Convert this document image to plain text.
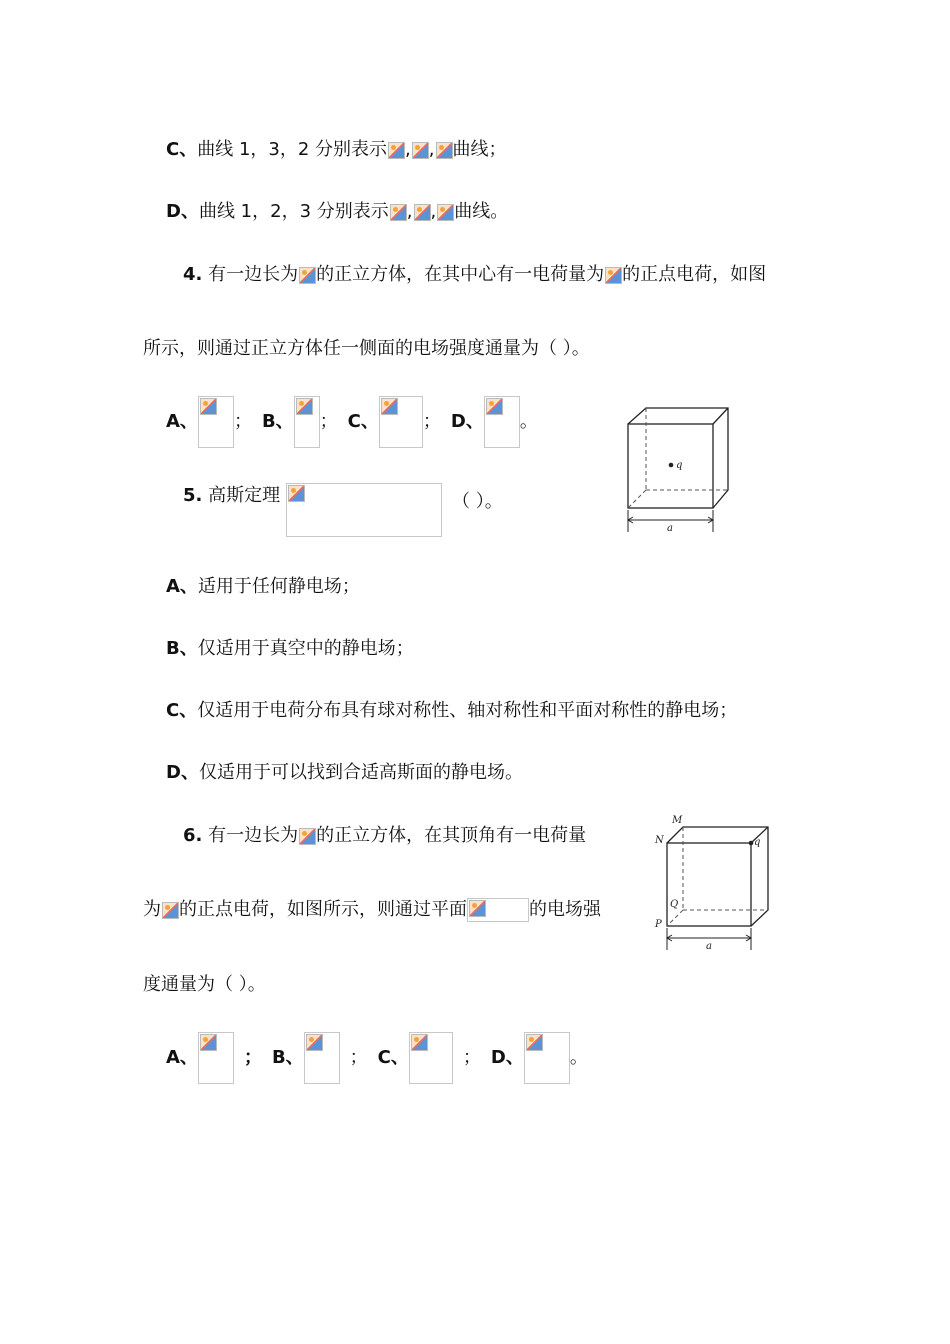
C、曲线 1，3，2 分别表示 , , 曲线；
D、曲线 1，2，3 分别表示 , , 曲线。
4. 有一边长为 的正立方体，在其中心有一电荷量为 的正点电荷，如图
所示，则通过正立方体任一侧面的电场强度通量为（ ）。
A、 ； B、 ； C、 ； D、 。
q
a
5. 高斯定理	（ ）。
A、适用于任何静电场；
B、仅适用于真空中的静电场；
C、仅适用于电荷分布具有球对称性、轴对称性和平面对称性的静电场；
D、仅适用于可以找到合适高斯面的静电场。
6. 有一边长为 的正立方体，在其顶角有一电荷量
为 的正点电荷，如图所示，则通过平面	的电场强
度通量为（ ）。
q
M
N
Q
P
a
A、	； B、	； C、	； D、	。
